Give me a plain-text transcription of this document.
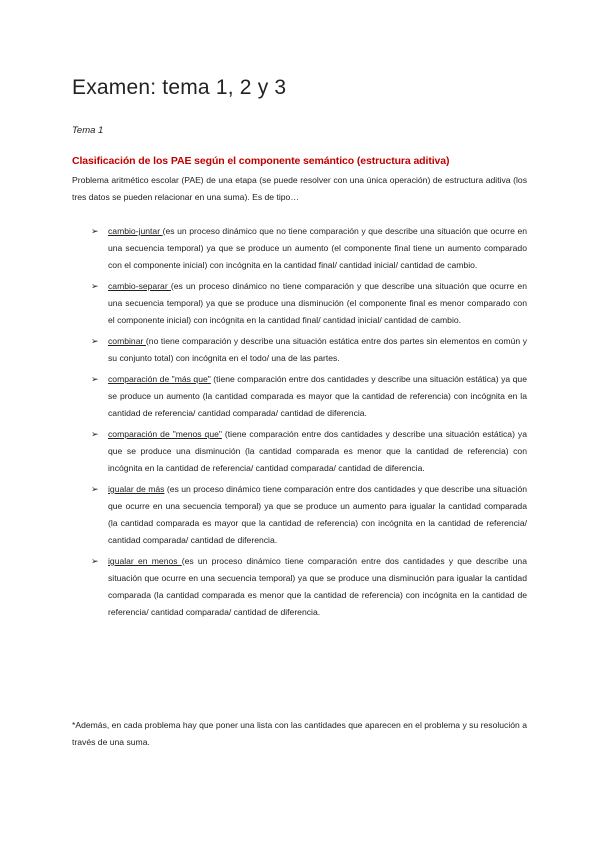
Examen: tema 1, 2 y 3

Tema 1

Clasificación de los PAE según el componente semántico (estructura aditiva)

Problema aritmético escolar (PAE) de una etapa (se puede resolver con una única operación) de estructura aditiva (los tres datos se pueden relacionar en una suma). Es de tipo…

➢ cambio-juntar (es un proceso dinámico que no tiene comparación y que describe una situación que ocurre en una secuencia temporal) ya que se produce un aumento (el componente final tiene un aumento comparado con el componente inicial) con incógnita en la cantidad final/ cantidad inicial/ cantidad de cambio.
➢ cambio-separar (es un proceso dinámico no tiene comparación y que describe una situación que ocurre en una secuencia temporal) ya que se produce una disminución (el componente final es menor comparado con el componente inicial) con incógnita en la cantidad final/ cantidad inicial/ cantidad de cambio.
➢ combinar (no tiene comparación y describe una situación estática entre dos partes sin elementos en común y su conjunto total) con incógnita en el todo/ una de las partes.
➢ comparación de "más que" (tiene comparación entre dos cantidades y describe una situación estática) ya que se produce un aumento (la cantidad comparada es mayor que la cantidad de referencia) con incógnita en la cantidad de referencia/ cantidad comparada/ cantidad de diferencia.
➢ comparación de "menos que" (tiene comparación entre dos cantidades y describe una situación estática) ya que se produce una disminución (la cantidad comparada es menor que la cantidad de referencia) con incógnita en la cantidad de referencia/ cantidad comparada/ cantidad de diferencia.
➢ igualar de más (es un proceso dinámico tiene comparación entre dos cantidades y que describe una situación que ocurre en una secuencia temporal) ya que se produce un aumento para igualar la cantidad comparada (la cantidad comparada es mayor que la cantidad de referencia) con incógnita en la cantidad de referencia/ cantidad comparada/ cantidad de diferencia.
➢ igualar en menos (es un proceso dinámico tiene comparación entre dos cantidades y que describe una situación que ocurre en una secuencia temporal) ya que se produce una disminución para igualar la cantidad comparada (la cantidad comparada es menor que la cantidad de referencia) con incógnita en la cantidad de referencia/ cantidad comparada/ cantidad de diferencia.

*Además, en cada problema hay que poner una lista con las cantidades que aparecen en el problema y su resolución a través de una suma.
